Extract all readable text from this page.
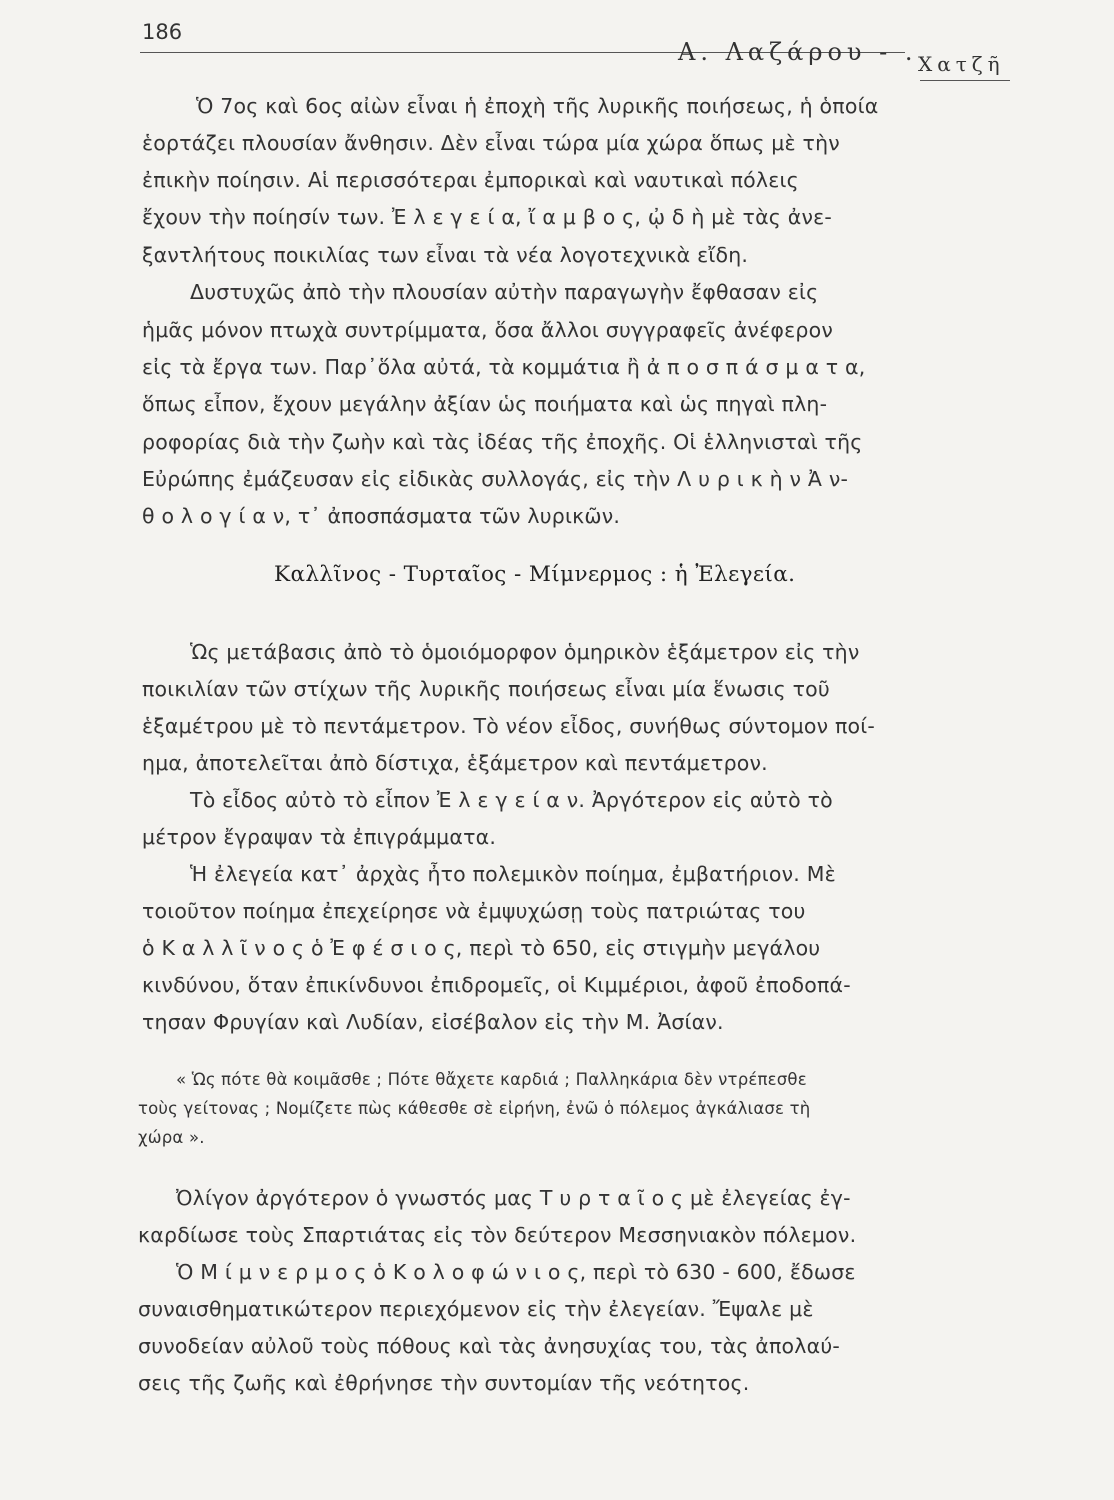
186
Α. Λαζάρου - . Χατζῆ
Ὁ 7ος καὶ 6ος αἰὼν εἶναι ἡ ἐποχὴ τῆς λυρικῆς ποιήσεως, ἡ ὁποία
ἑορτάζει πλουσίαν ἄνθησιν. Δὲν εἶναι τώρα μία χώρα ὅπως μὲ τὴν
ἐπικὴν ποίησιν. Αἱ περισσότεραι ἐμπορικαὶ καὶ ναυτικαὶ πόλεις
ἔχουν τὴν ποίησίν των. Ἐ λ ε γ ε ί α, ἴ α μ β ο ς, ᾠ δ ὴ μὲ τὰς ἀνε-
ξαντλήτους ποικιλίας των εἶναι τὰ νέα λογοτεχνικὰ εἴδη.
Δυστυχῶς ἀπὸ τὴν πλουσίαν αὐτὴν παραγωγὴν ἔφθασαν εἰς
ἡμᾶς μόνον πτωχὰ συντρίμματα, ὅσα ἄλλοι συγγραφεῖς ἀνέφερον
εἰς τὰ ἔργα των. Παρ᾽ὅλα αὐτά, τὰ κομμάτια ἢ ἀ π ο σ π ά σ μ α τ α,
ὅπως εἶπον, ἔχουν μεγάλην ἀξίαν ὡς ποιήματα καὶ ὡς πηγαὶ πλη-
ροφορίας διὰ τὴν ζωὴν καὶ τὰς ἰδέας τῆς ἐποχῆς. Οἱ ἑλληνισταὶ τῆς
Εὐρώπης ἐμάζευσαν εἰς εἰδικὰς συλλογάς, εἰς τὴν Λ υ ρ ι κ ὴ ν Ἀ ν-
θ ο λ ο γ ί α ν, τ᾽ ἀποσπάσματα τῶν λυρικῶν.
Καλλῖνος - Τυρταῖος - Μίμνερμος : ἡ Ἐλεγεία.
Ὡς μετάβασις ἀπὸ τὸ ὁμοιόμορφον ὁμηρικὸν ἑξάμετρον εἰς τὴν
ποικιλίαν τῶν στίχων τῆς λυρικῆς ποιήσεως εἶναι μία ἕνωσις τοῦ
ἑξαμέτρου μὲ τὸ πεντάμετρον. Τὸ νέον εἶδος, συνήθως σύντομον ποί-
ημα, ἀποτελεῖται ἀπὸ δίστιχα, ἑξάμετρον καὶ πεντάμετρον.
Τὸ εἶδος αὐτὸ τὸ εἶπον Ἐ λ ε γ ε ί α ν. Ἀργότερον εἰς αὐτὸ τὸ
μέτρον ἔγραψαν τὰ ἐπιγράμματα.
Ἡ ἐλεγεία κατ᾽ ἀρχὰς ἦτο πολεμικὸν ποίημα, ἐμβατήριον. Μὲ
τοιοῦτον ποίημα ἐπεχείρησε νὰ ἐμψυχώσῃ τοὺς πατριώτας του
ὁ Κ α λ λ ῖ ν ο ς ὁ Ἐ φ έ σ ι ο ς, περὶ τὸ 650, εἰς στιγμὴν μεγάλου
κινδύνου, ὅταν ἐπικίνδυνοι ἐπιδρομεῖς, οἱ Κιμμέριοι, ἀφοῦ ἐποδοπά-
τησαν Φρυγίαν καὶ Λυδίαν, εἰσέβαλον εἰς τὴν Μ. Ἀσίαν.
« Ὡς πότε θὰ κοιμᾶσθε ; Πότε θἄχετε καρδιά ; Παλληκάρια δὲν ντρέπεσθε
τοὺς γείτονας ; Νομίζετε πὼς κάθεσθε σὲ εἰρήνη, ἐνῶ ὁ πόλεμος ἀγκάλιασε τὴ
χώρα ».
Ὀλίγον ἀργότερον ὁ γνωστός μας Τ υ ρ τ α ῖ ο ς μὲ ἐλεγείας ἐγ-
καρδίωσε τοὺς Σπαρτιάτας εἰς τὸν δεύτερον Μεσσηνιακὸν πόλεμον.
Ὁ Μ ί μ ν ε ρ μ ο ς ὁ Κ ο λ ο φ ώ ν ι ο ς, περὶ τὸ 630 - 600, ἔδωσε
συναισθηματικώτερον περιεχόμενον εἰς τὴν ἐλεγείαν. Ἔψαλε μὲ
συνοδείαν αὐλοῦ τοὺς πόθους καὶ τὰς ἀνησυχίας του, τὰς ἀπολαύ-
σεις τῆς ζωῆς καὶ ἐθρήνησε τὴν συντομίαν τῆς νεότητος.
